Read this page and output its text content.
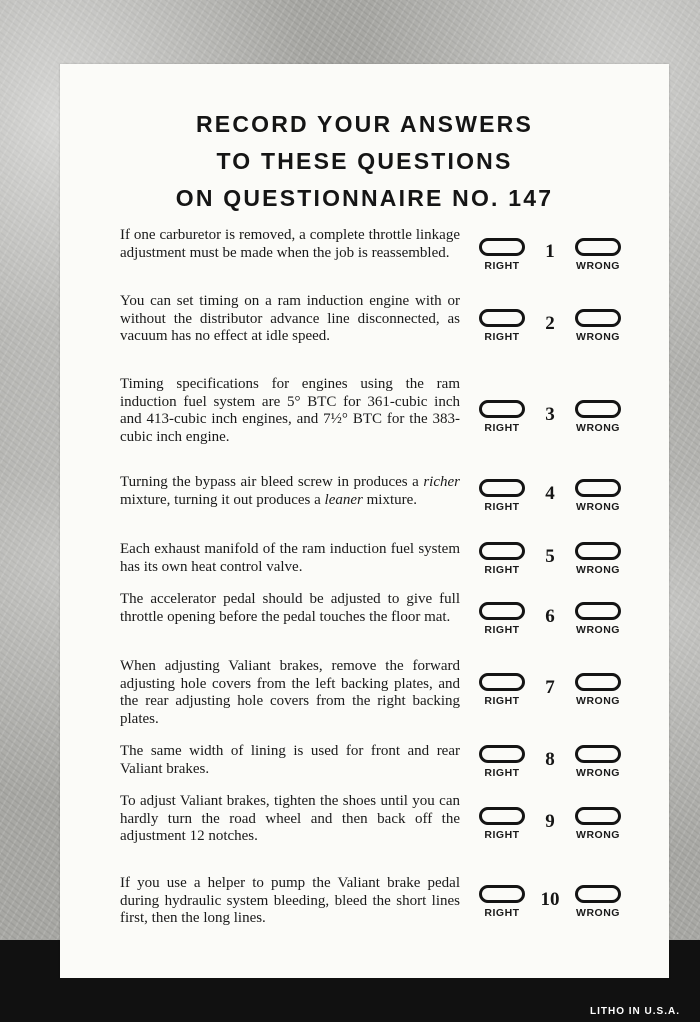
LITHO IN U.S.A.
RECORD YOUR ANSWERS
TO THESE QUESTIONS
ON QUESTIONNAIRE NO. 147
If one carburetor is removed, a complete throttle linkage adjustment must be made when the job is reassembled.
RIGHT
1
WRONG
You can set timing on a ram induction engine with or without the distributor advance line disconnected, as vacuum has no effect at idle speed.	RIGHT
2
WRONG
Timing specifications for engines using the ram induction fuel system are 5° BTC for 361-cubic inch and 413-cubic inch engines, and 7½° BTC for the 383-cubic inch engine.
RIGHT
3
WRONG
Turning the bypass air bleed screw in produces a richer mixture, turning it out produces a leaner mixture.	RIGHT
4
WRONG
Each exhaust manifold of the ram induction fuel system has its own heat control valve.	RIGHT
5
WRONG
The accelerator pedal should be adjusted to give full throttle opening before the pedal touches the floor mat.
RIGHT
6
WRONG
When adjusting Valiant brakes, remove the forward adjusting hole covers from the left backing plates, and the rear adjusting hole covers from the right backing plates.
RIGHT
7
WRONG
The same width of lining is used for front and rear Valiant brakes.	RIGHT
8
WRONG
To adjust Valiant brakes, tighten the shoes until you can hardly turn the road wheel and then back off the adjustment 12 notches.	RIGHT
9
WRONG
If you use a helper to pump the Valiant brake pedal during hydraulic system bleeding, bleed the short lines first, then the long lines.	RIGHT
10
WRONG
